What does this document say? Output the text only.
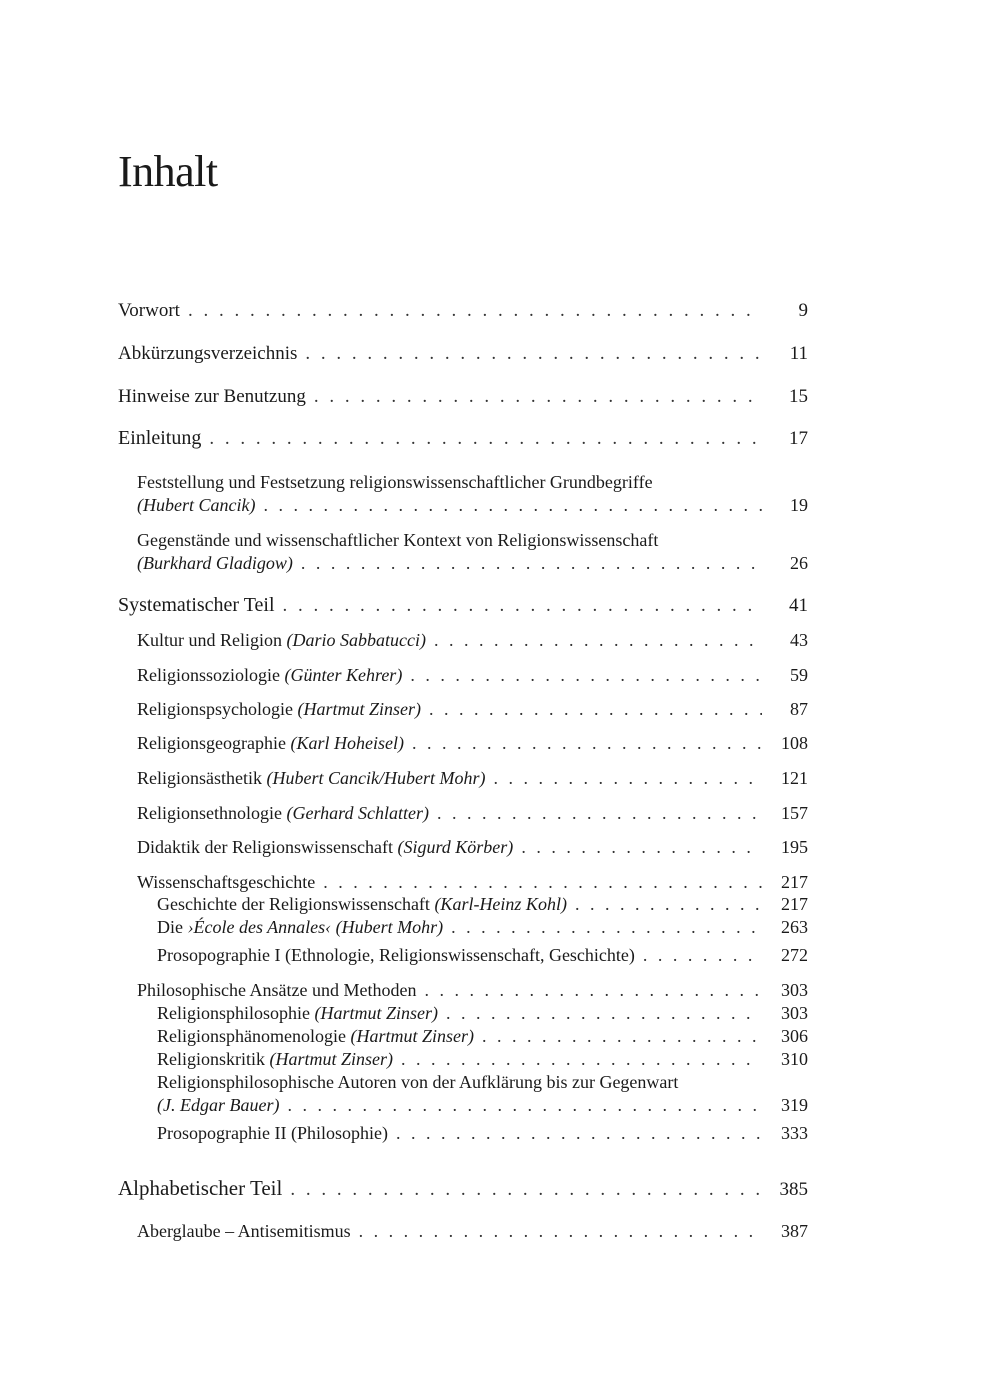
Inhalt
Vorwort . . .	9
Abkürzungsverzeichnis . . .	11
Hinweise zur Benutzung . . .	15
Einleitung . . .	17
Feststellung und Festsetzung religionswissenschaftlicher Grundbegriffe
(Hubert Cancik) . . .	19
Gegenstände und wissenschaftlicher Kontext von Religionswissenschaft
(Burkhard Gladigow) . . .	26
Systematischer Teil . . .	41
Kultur und Religion (Dario Sabbatucci) . . .	43
Religionssoziologie (Günter Kehrer) . . .	59
Religionspsychologie (Hartmut Zinser) . . .	87
Religionsgeographie (Karl Hoheisel) . . .	108
Religionsästhetik (Hubert Cancik/Hubert Mohr) . . .	121
Religionsethnologie (Gerhard Schlatter) . . .	157
Didaktik der Religionswissenschaft (Sigurd Körber) . . .	195
Wissenschaftsgeschichte . . .	217
Geschichte der Religionswissenschaft (Karl-Heinz Kohl) . . .	217
Die ›École des Annales‹ (Hubert Mohr) . . .	263
Prosopographie I (Ethnologie, Religionswissenschaft, Geschichte) . . .	272
Philosophische Ansätze und Methoden . . .	303
Religionsphilosophie (Hartmut Zinser) . . .	303
Religionsphänomenologie (Hartmut Zinser) . . .	306
Religionskritik (Hartmut Zinser) . . .	310
Religionsphilosophische Autoren von der Aufklärung bis zur Gegenwart
(J. Edgar Bauer) . . .	319
Prosopographie II (Philosophie) . . .	333
Alphabetischer Teil . . .	385
Aberglaube – Antisemitismus . . .	387
